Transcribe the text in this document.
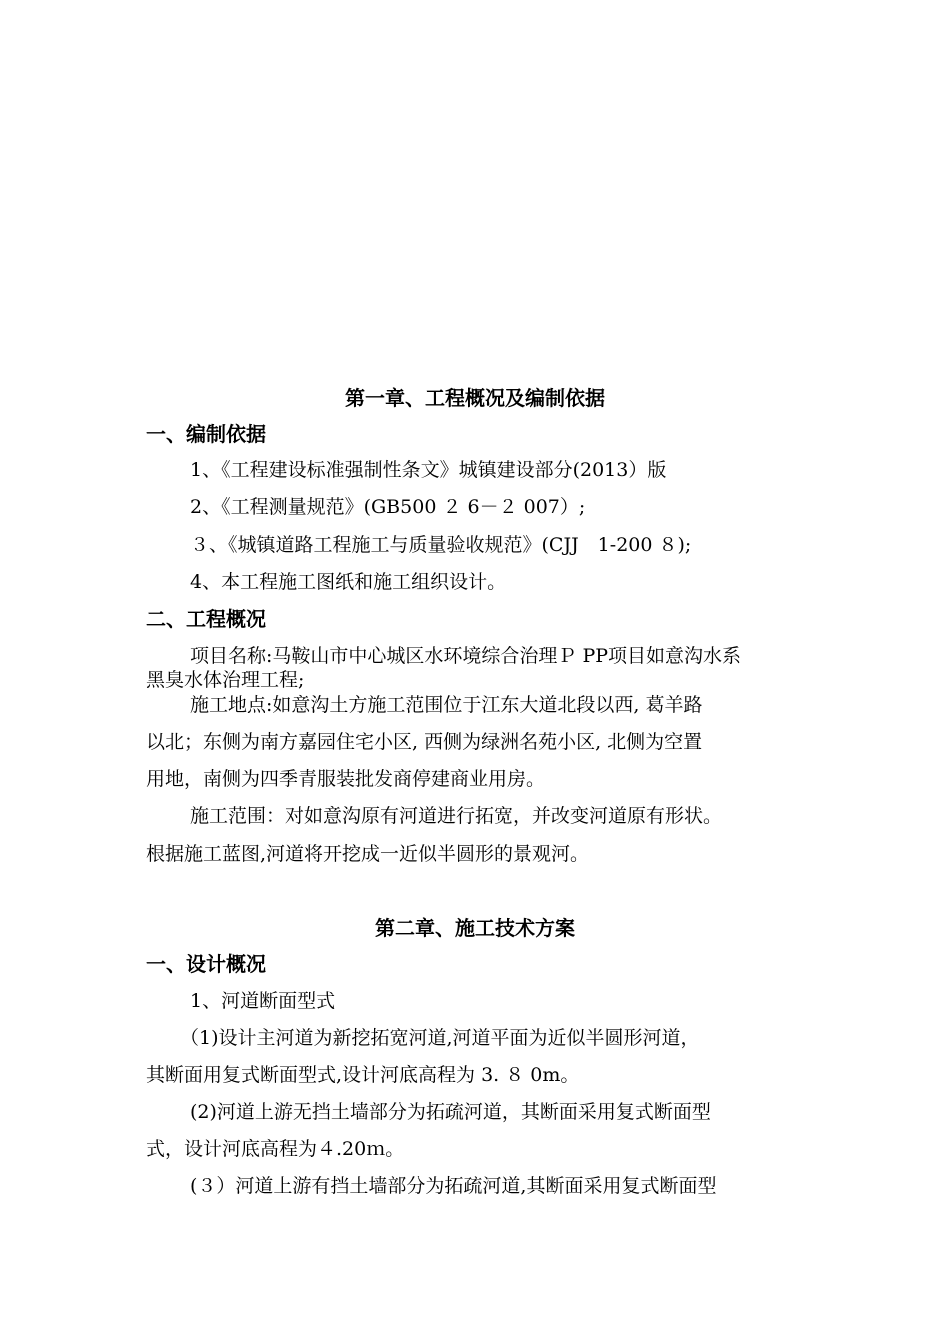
第一章、工程概况及编制依据
一、编制依据
1、《工程建设标准强制性条文》城镇建设部分(2013）版
2、《工程测量规范》(GB500 ２ 6－２ 007）;
３、《城镇道路工程施工与质量验收规范》(CJJ　1-200 ８);
4、本工程施工图纸和施工组织设计。
二、工程概况
项目名称:马鞍山市中心城区水环境综合治理Ｐ PP项目如意沟水系
黑臭水体治理工程;
施工地点:如意沟土方施工范围位于江东大道北段以西, 葛羊路
以北；东侧为南方嘉园住宅小区, 西侧为绿洲名苑小区, 北侧为空置
用地，南侧为四季青服装批发商停建商业用房。
施工范围：对如意沟原有河道进行拓宽，并改变河道原有形状。
根据施工蓝图,河道将开挖成一近似半圆形的景观河。
第二章、施工技术方案
一、设计概况
1、河道断面型式
（1)设计主河道为新挖拓宽河道,河道平面为近似半圆形河道，
其断面用复式断面型式,设计河底高程为 3. ８ 0m。
(2)河道上游无挡土墙部分为拓疏河道，其断面采用复式断面型
式，设计河底高程为４.20ｍ。
(３）河道上游有挡土墙部分为拓疏河道,其断面采用复式断面型
